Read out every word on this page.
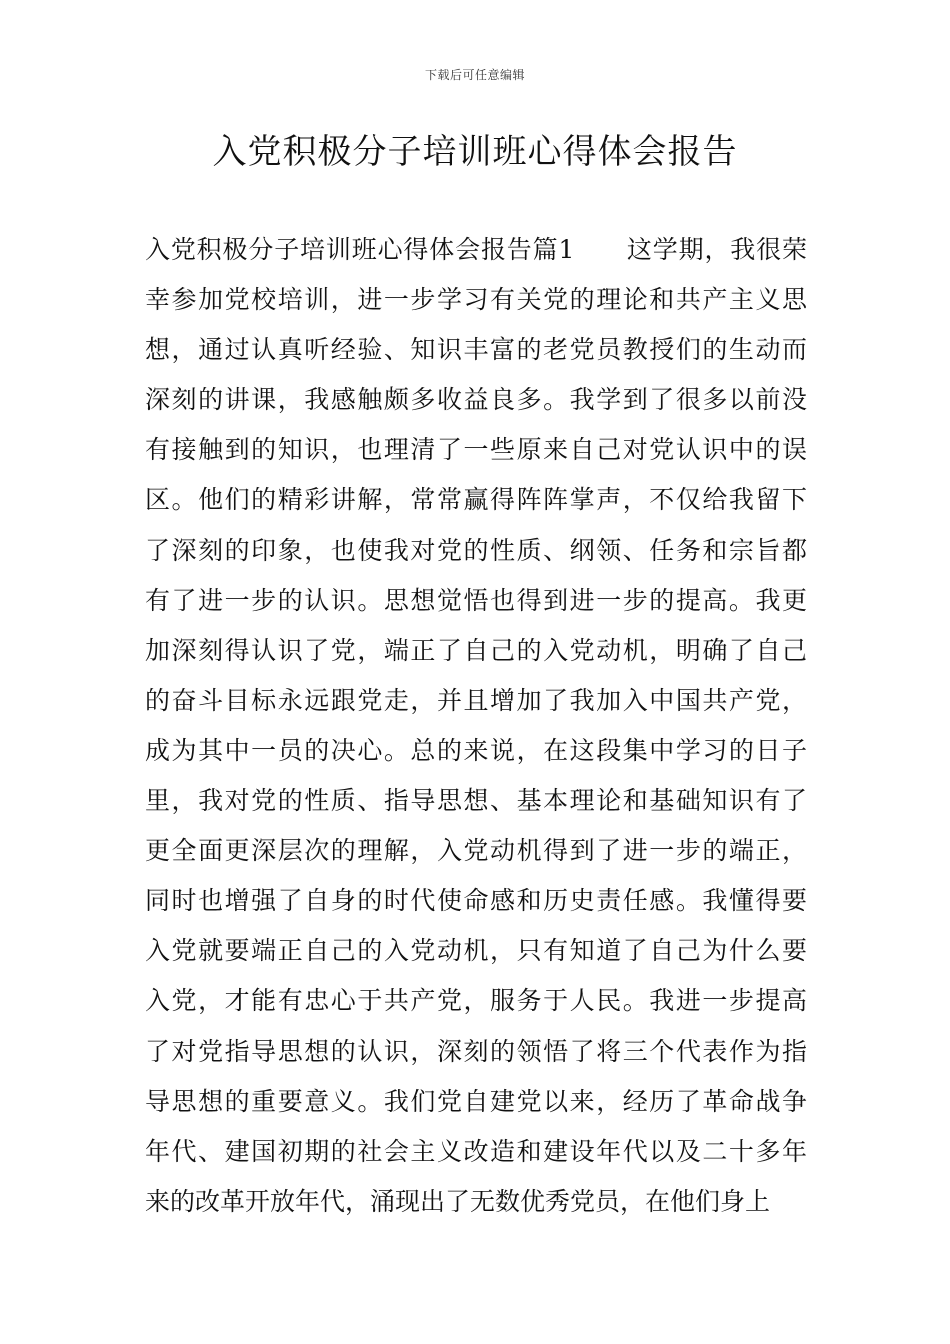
下载后可任意编辑
入党积极分子培训班心得体会报告
入党积极分子培训班心得体会报告篇1　　这学期，我很荣
幸参加党校培训，进一步学习有关党的理论和共产主义思
想，通过认真听经验、知识丰富的老党员教授们的生动而
深刻的讲课，我感触颇多收益良多。我学到了很多以前没
有接触到的知识，也理清了一些原来自己对党认识中的误
区。他们的精彩讲解，常常赢得阵阵掌声，不仅给我留下
了深刻的印象，也使我对党的性质、纲领、任务和宗旨都
有了进一步的认识。思想觉悟也得到进一步的提高。我更
加深刻得认识了党，端正了自己的入党动机，明确了自己
的奋斗目标永远跟党走，并且增加了我加入中国共产党，
成为其中一员的决心。总的来说，在这段集中学习的日子
里，我对党的性质、指导思想、基本理论和基础知识有了
更全面更深层次的理解，入党动机得到了进一步的端正，
同时也增强了自身的时代使命感和历史责任感。我懂得要
入党就要端正自己的入党动机，只有知道了自己为什么要
入党，才能有忠心于共产党，服务于人民。我进一步提高
了对党指导思想的认识，深刻的领悟了将三个代表作为指
导思想的重要意义。我们党自建党以来，经历了革命战争
年代、建国初期的社会主义改造和建设年代以及二十多年
来的改革开放年代，涌现出了无数优秀党员，在他们身上
